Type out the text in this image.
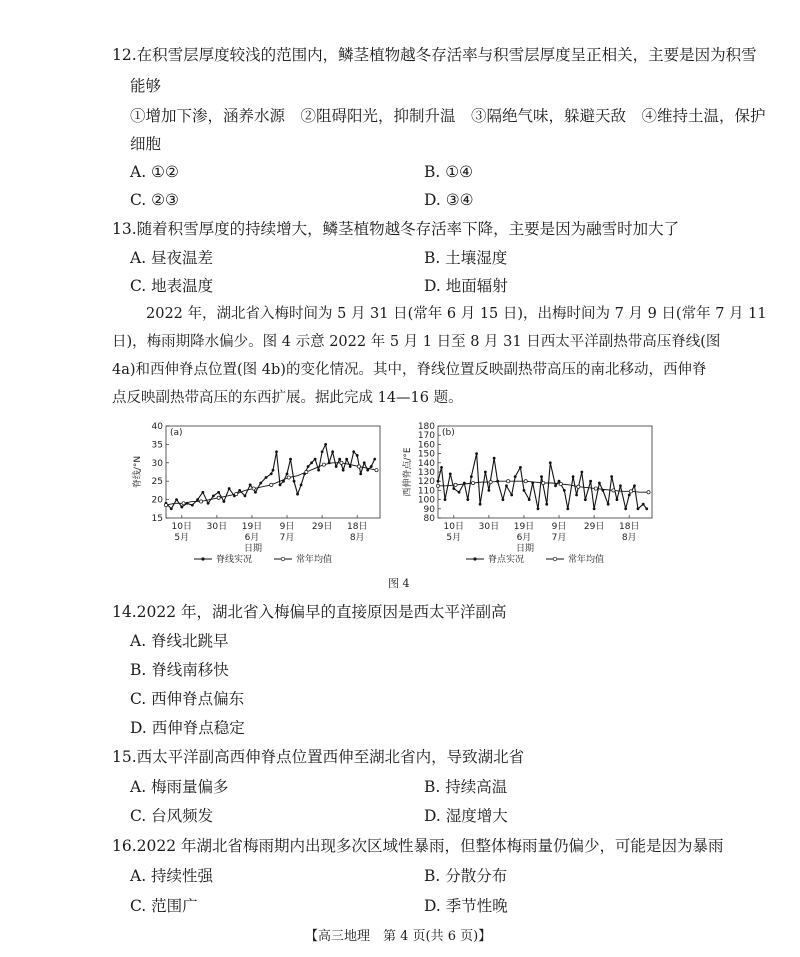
12.在积雪层厚度较浅的范围内，鳞茎植物越冬存活率与积雪层厚度呈正相关，主要是因为积雪
能够
①增加下渗，涵养水源　②阻碍阳光，抑制升温　③隔绝气味，躲避天敌　④维持土温，保护
细胞
A. ①②	B. ①④
C. ②③	D. ③④
13.随着积雪厚度的持续增大，鳞茎植物越冬存活率下降，主要是因为融雪时加大了
A. 昼夜温差	B. 土壤湿度
C. 地表温度	D. 地面辐射
2022 年，湖北省入梅时间为 5 月 31 日(常年 6 月 15 日)，出梅时间为 7 月 9 日(常年 7 月 11
日)，梅雨期降水偏少。图 4 示意 2022 年 5 月 1 日至 8 月 31 日西太平洋副热带高压脊线(图
4a)和西伸脊点位置(图 4b)的变化情况。其中，脊线位置反映副热带高压的南北移动，西伸脊
点反映副热带高压的东西扩展。据此完成 14—16 题。
(a)
15
20
25
30
35
40
脊线/°N
10日 30日 19日 9日 29日 18日
5月	6月 7月	8月
日期
脊线实况	常年均值
(b)
80
90
100
110
120
130
140
150
160
170
180
西伸脊点/°E
10日 30日 19日 9日 29日 18日
5月	6月 7月	8月
日期
脊点实况	常年均值
图 4
14.2022 年，湖北省入梅偏早的直接原因是西太平洋副高
A. 脊线北跳早
B. 脊线南移快
C. 西伸脊点偏东
D. 西伸脊点稳定
15.西太平洋副高西伸脊点位置西伸至湖北省内，导致湖北省
A. 梅雨量偏多	B. 持续高温
C. 台风频发	D. 湿度增大
16.2022 年湖北省梅雨期内出现多次区域性暴雨，但整体梅雨量仍偏少，可能是因为暴雨
A. 持续性强	B. 分散分布
C. 范围广	D. 季节性晚
【高三地理　第 4 页(共 6 页)】
